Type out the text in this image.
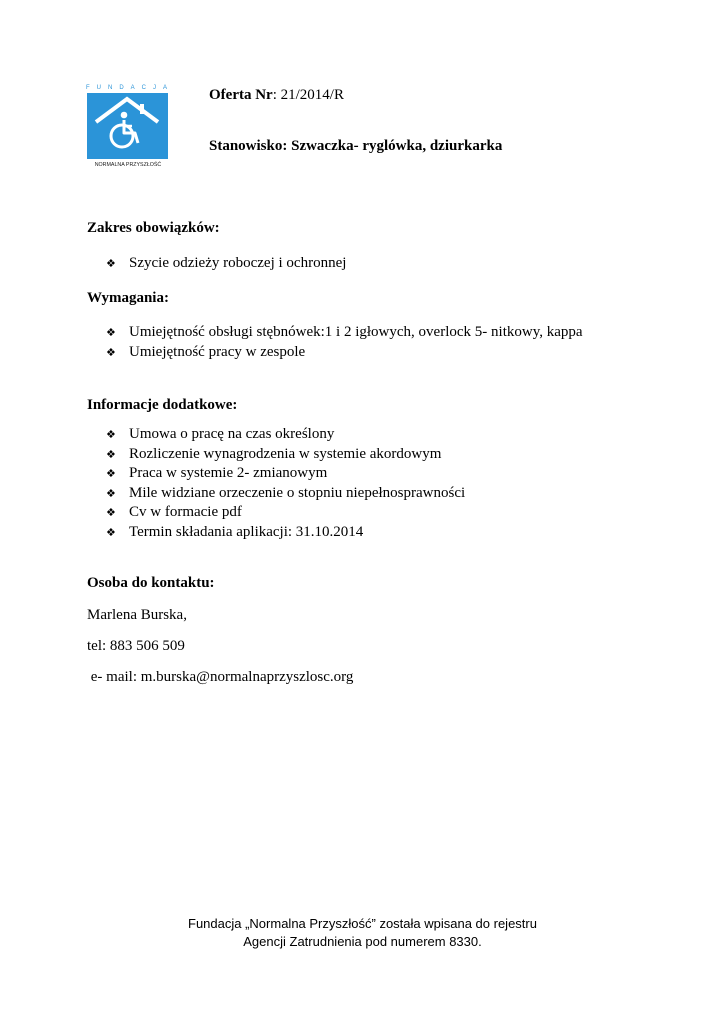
FUNDACJA
NORMALNA PRZYSZŁOŚĆ
Oferta Nr: 21/2014/R
Stanowisko: Szwaczka- ryglówka, dziurkarka
Zakres obowiązków:
❖ Szycie odzieży roboczej i ochronnej
Wymagania:
❖ Umiejętność obsługi stębnówek:1 i 2 igłowych, overlock 5- nitkowy, kappa
❖ Umiejętność pracy w zespole
Informacje dodatkowe:
❖ Umowa o pracę na czas określony
❖ Rozliczenie wynagrodzenia w systemie akordowym
❖ Praca w systemie 2- zmianowym
❖ Mile widziane orzeczenie o stopniu niepełnosprawności
❖ Cv w formacie pdf
❖ Termin składania aplikacji: 31.10.2014
Osoba do kontaktu:
Marlena Burska,
tel: 883 506 509
e- mail: m.burska@normalnaprzyszlosc.org
Fundacja „Normalna Przyszłość” została wpisana do rejestru
Agencji Zatrudnienia pod numerem 8330.
